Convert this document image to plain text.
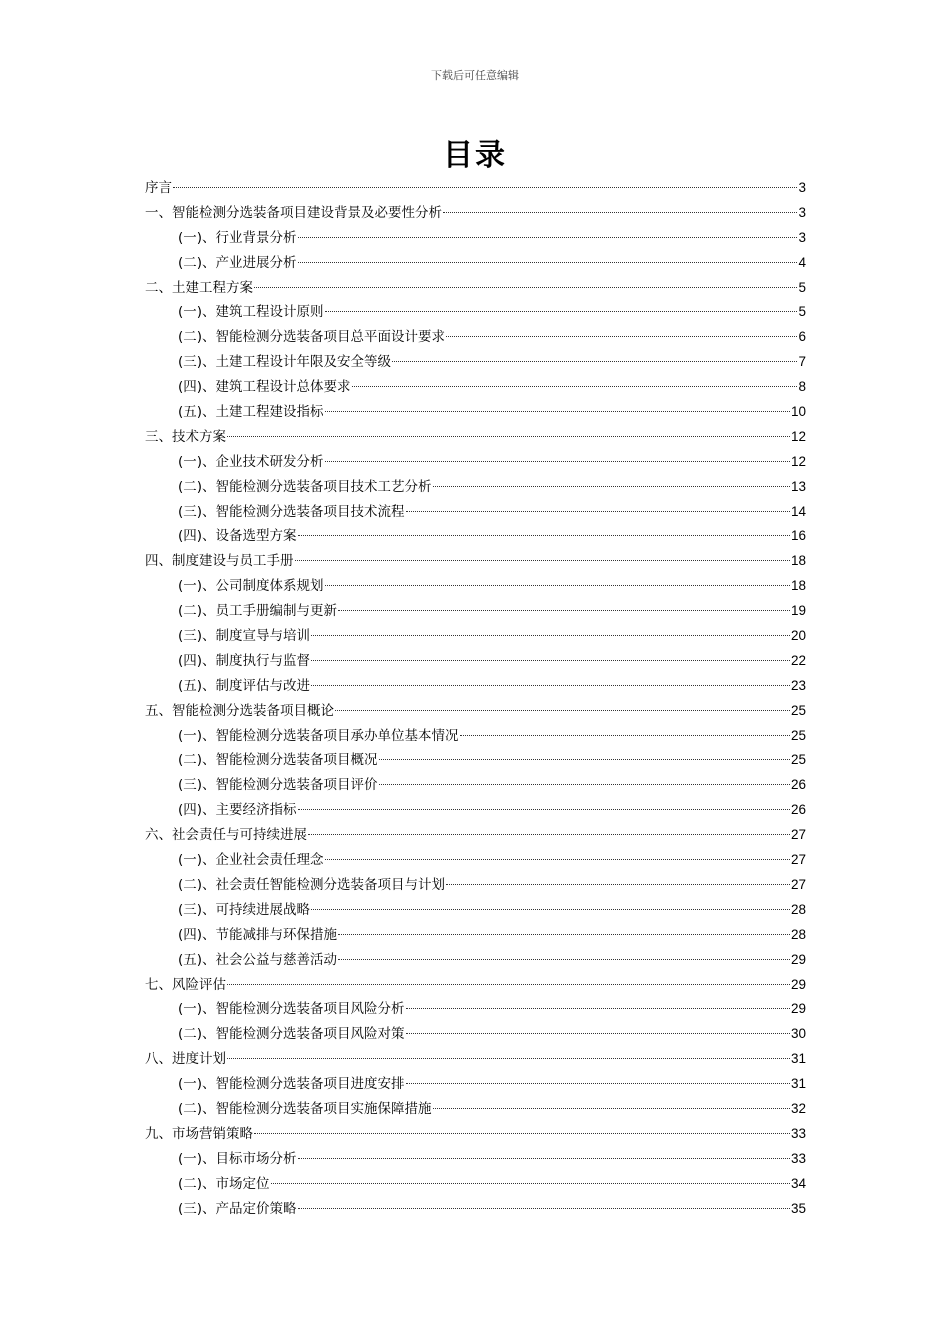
下载后可任意编辑
目录
序言	3
一、智能检测分选装备项目建设背景及必要性分析	3
(一)、行业背景分析	3
(二)、产业进展分析	4
二、土建工程方案	5
(一)、建筑工程设计原则	5
(二)、智能检测分选装备项目总平面设计要求	6
(三)、土建工程设计年限及安全等级	7
(四)、建筑工程设计总体要求	8
(五)、土建工程建设指标	10
三、技术方案	12
(一)、企业技术研发分析	12
(二)、智能检测分选装备项目技术工艺分析	13
(三)、智能检测分选装备项目技术流程	14
(四)、设备选型方案	16
四、制度建设与员工手册	18
(一)、公司制度体系规划	18
(二)、员工手册编制与更新	19
(三)、制度宣导与培训	20
(四)、制度执行与监督	22
(五)、制度评估与改进	23
五、智能检测分选装备项目概论	25
(一)、智能检测分选装备项目承办单位基本情况	25
(二)、智能检测分选装备项目概况	25
(三)、智能检测分选装备项目评价	26
(四)、主要经济指标	26
六、社会责任与可持续进展	27
(一)、企业社会责任理念	27
(二)、社会责任智能检测分选装备项目与计划	27
(三)、可持续进展战略	28
(四)、节能减排与环保措施	28
(五)、社会公益与慈善活动	29
七、风险评估	29
(一)、智能检测分选装备项目风险分析	29
(二)、智能检测分选装备项目风险对策	30
八、进度计划	31
(一)、智能检测分选装备项目进度安排	31
(二)、智能检测分选装备项目实施保障措施	32
九、市场营销策略	33
(一)、目标市场分析	33
(二)、市场定位	34
(三)、产品定价策略	35
